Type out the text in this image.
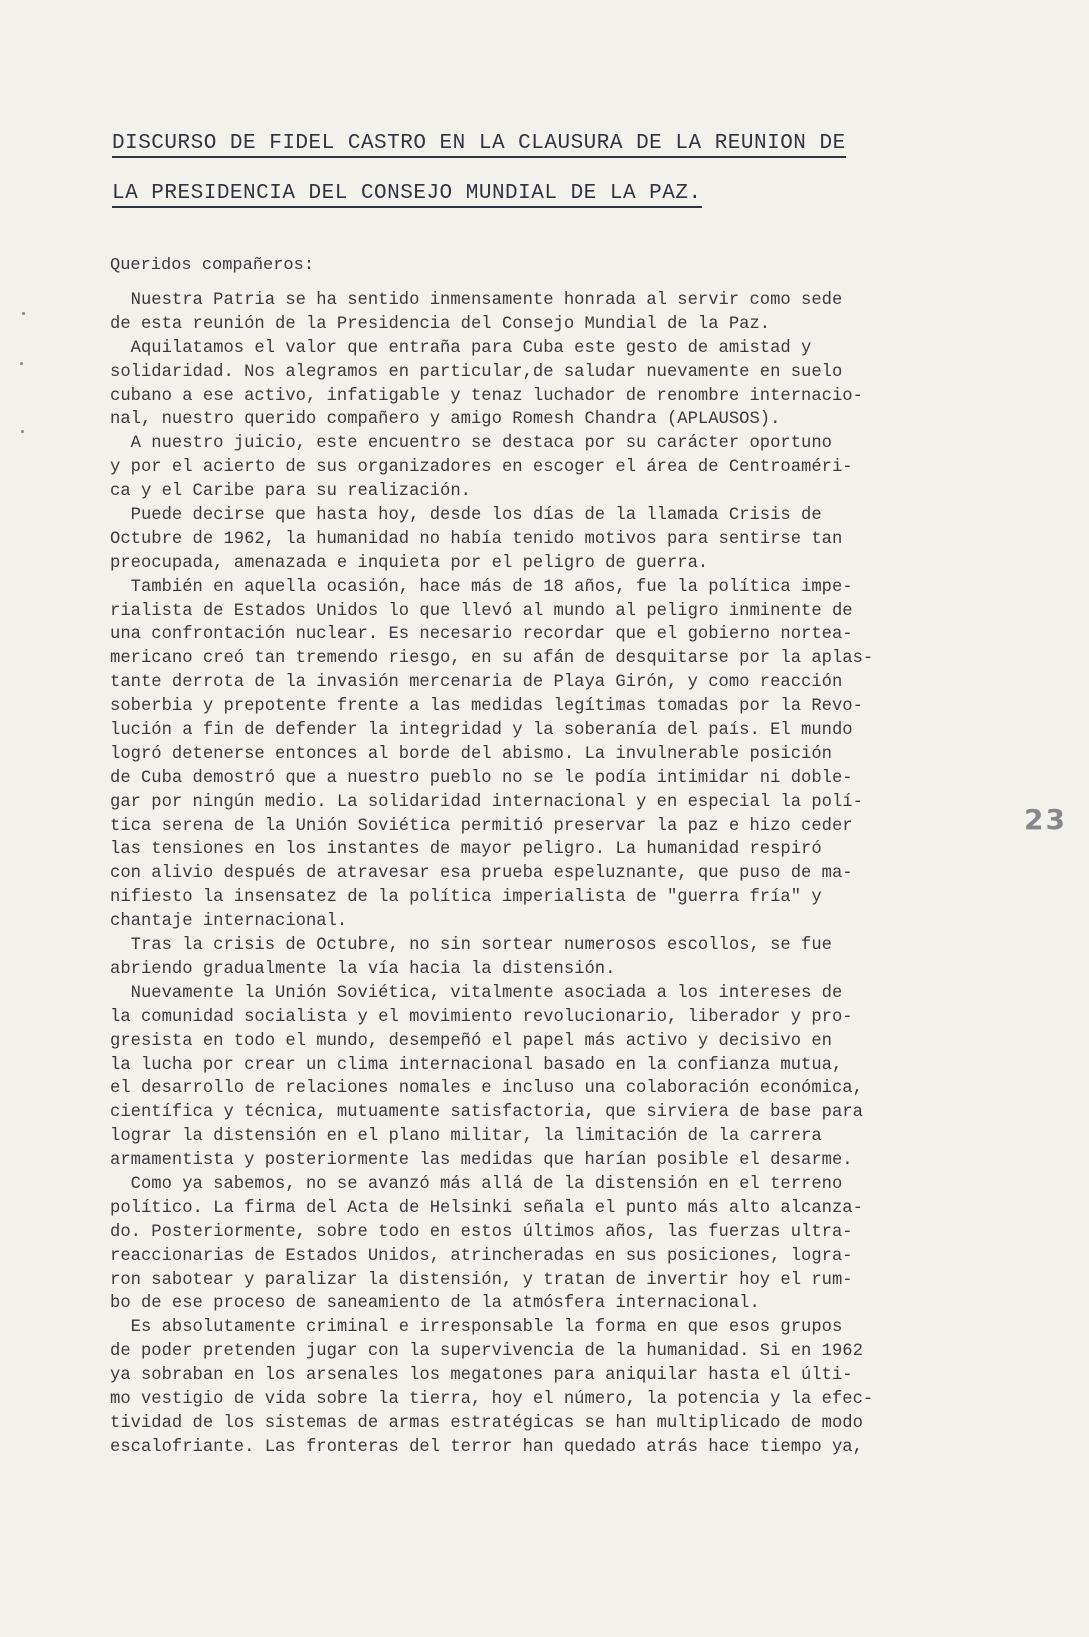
DISCURSO DE FIDEL CASTRO EN LA CLAUSURA DE LA REUNION DE
LA PRESIDENCIA DEL CONSEJO MUNDIAL DE LA PAZ.
Queridos compañeros:
Nuestra Patria se ha sentido inmensamente honrada al servir como sede
de esta reunión de la Presidencia del Consejo Mundial de la Paz.
Aquilatamos el valor que entraña para Cuba este gesto de amistad y
solidaridad. Nos alegramos en particular,de saludar nuevamente en suelo
cubano a ese activo, infatigable y tenaz luchador de renombre internacio-
nal, nuestro querido compañero y amigo Romesh Chandra (APLAUSOS).
A nuestro juicio, este encuentro se destaca por su carácter oportuno
y por el acierto de sus organizadores en escoger el área de Centroaméri-
ca y el Caribe para su realización.
Puede decirse que hasta hoy, desde los días de la llamada Crisis de
Octubre de 1962, la humanidad no había tenido motivos para sentirse tan
preocupada, amenazada e inquieta por el peligro de guerra.
También en aquella ocasión, hace más de 18 años, fue la política impe-
rialista de Estados Unidos lo que llevó al mundo al peligro inminente de
una confrontación nuclear. Es necesario recordar que el gobierno nortea-
mericano creó tan tremendo riesgo, en su afán de desquitarse por la aplas-
tante derrota de la invasión mercenaria de Playa Girón, y como reacción
soberbia y prepotente frente a las medidas legítimas tomadas por la Revo-
lución a fin de defender la integridad y la soberanía del país. El mundo
logró detenerse entonces al borde del abismo. La invulnerable posición
de Cuba demostró que a nuestro pueblo no se le podía intimidar ni doble-
gar por ningún medio. La solidaridad internacional y en especial la polí-
tica serena de la Unión Soviética permitió preservar la paz e hizo ceder
las tensiones en los instantes de mayor peligro. La humanidad respiró
con alivio después de atravesar esa prueba espeluznante, que puso de ma-
nifiesto la insensatez de la política imperialista de "guerra fría" y
chantaje internacional.
Tras la crisis de Octubre, no sin sortear numerosos escollos, se fue
abriendo gradualmente la vía hacia la distensión.
Nuevamente la Unión Soviética, vitalmente asociada a los intereses de
la comunidad socialista y el movimiento revolucionario, liberador y pro-
gresista en todo el mundo, desempeñó el papel más activo y decisivo en
la lucha por crear un clima internacional basado en la confianza mutua,
el desarrollo de relaciones nomales e incluso una colaboración económica,
científica y técnica, mutuamente satisfactoria, que sirviera de base para
lograr la distensión en el plano militar, la limitación de la carrera
armamentista y posteriormente las medidas que harían posible el desarme.
Como ya sabemos, no se avanzó más allá de la distensión en el terreno
político. La firma del Acta de Helsinki señala el punto más alto alcanza-
do. Posteriormente, sobre todo en estos últimos años, las fuerzas ultra-
reaccionarias de Estados Unidos, atrincheradas en sus posiciones, logra-
ron sabotear y paralizar la distensión, y tratan de invertir hoy el rum-
bo de ese proceso de saneamiento de la atmósfera internacional.
Es absolutamente criminal e irresponsable la forma en que esos grupos
de poder pretenden jugar con la supervivencia de la humanidad. Si en 1962
ya sobraban en los arsenales los megatones para aniquilar hasta el últi-
mo vestigio de vida sobre la tierra, hoy el número, la potencia y la efec-
tividad de los sistemas de armas estratégicas se han multiplicado de modo
escalofriante. Las fronteras del terror han quedado atrás hace tiempo ya,
23
